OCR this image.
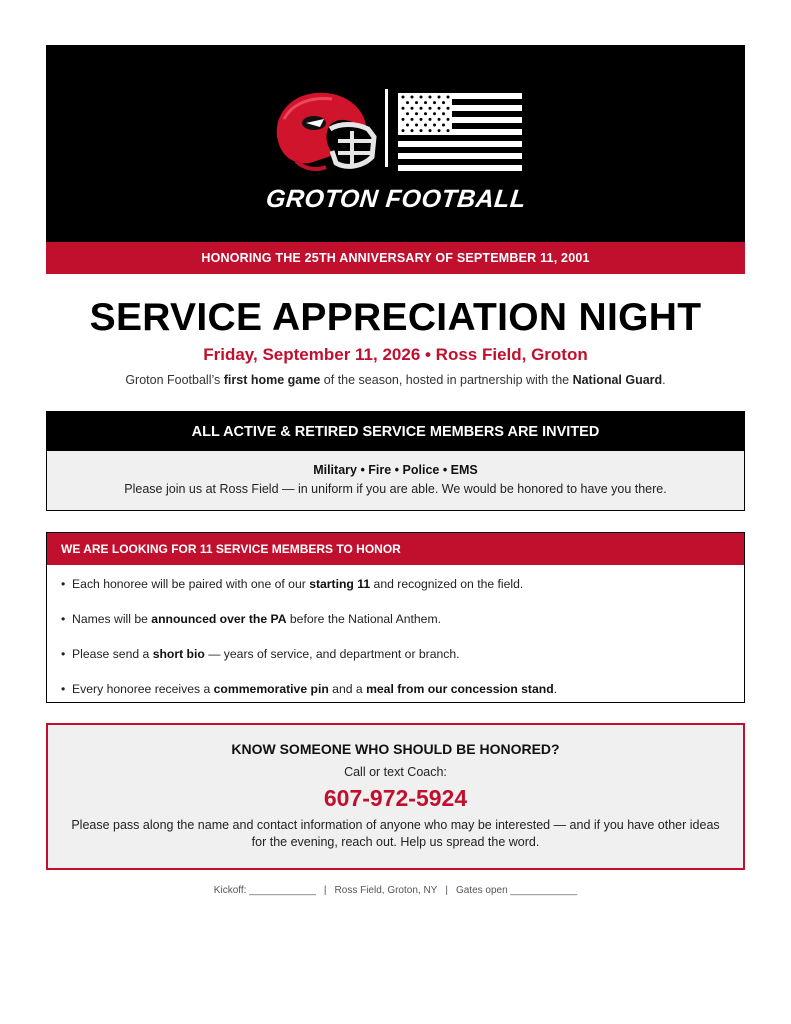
GROTON FOOTBALL
HONORING THE 25TH ANNIVERSARY OF SEPTEMBER 11, 2001
SERVICE APPRECIATION NIGHT
Friday, September 11, 2026 • Ross Field, Groton
Groton Football’s first home game of the season, hosted in partnership with the National Guard.
ALL ACTIVE & RETIRED SERVICE MEMBERS ARE INVITED
Military • Fire • Police • EMS
Please join us at Ross Field — in uniform if you are able. We would be honored to have you there.
WE ARE LOOKING FOR 11 SERVICE MEMBERS TO HONOR
•  Each honoree will be paired with one of our starting 11 and recognized on the field.
•  Names will be announced over the PA before the National Anthem.
•  Please send a short bio — years of service, and department or branch.
•  Every honoree receives a commemorative pin and a meal from our concession stand.
KNOW SOMEONE WHO SHOULD BE HONORED?
Call or text Coach:
607-972-5924
Please pass along the name and contact information of anyone who may be interested — and if you have other ideas for the evening, reach out. Help us spread the word.
Kickoff: ____________ | Ross Field, Groton, NY | Gates open ____________
